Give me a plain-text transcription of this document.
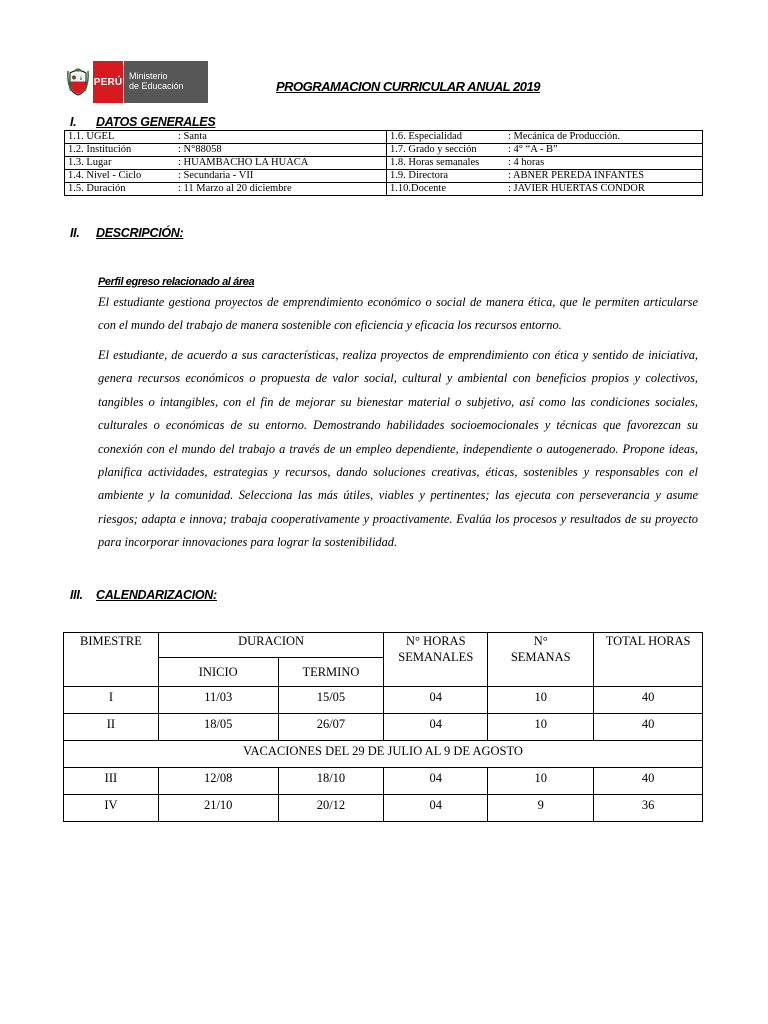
PERÚ
Ministerio
de Educación	PROGRAMACION CURRICULAR ANUAL 2019
I. DATOS GENERALES
1.1. UGEL : Santa	1.6. Especialidad : Mecánica de Producción.
1.2. Institución : N°88058	1.7. Grado y sección : 4° “A - B”
1.3. Lugar : HUAMBACHO LA HUACA	1.8. Horas semanales : 4 horas
1.4. Nivel - Ciclo : Secundaria - VII	1.9. Directora : ABNER PEREDA INFANTES
1.5. Duración : 11 Marzo al 20 diciembre	1.10.Docente : JAVIER HUERTAS CONDOR
II. DESCRIPCIÓN:
Perfil egreso relacionado al área
El estudiante gestiona proyectos de emprendimiento económico o social de manera ética, que le permiten articularse con el mundo del trabajo de manera sostenible con eficiencia y eficacia los recursos entorno.
El estudiante, de acuerdo a sus características, realiza proyectos de emprendimiento con ética y sentido de iniciativa, genera recursos económicos o propuesta de valor social, cultural y ambiental con beneficios propios y colectivos, tangibles o intangibles, con el fin de mejorar su bienestar material o subjetivo, así como las condiciones sociales, culturales o económicas de su entorno. Demostrando habilidades socioemocionales y técnicas que favorezcan su conexión con el mundo del trabajo a través de un empleo dependiente, independiente o autogenerado. Propone ideas, planifica actividades, estrategias y recursos, dando soluciones creativas, éticas, sostenibles y responsables con el ambiente y la comunidad. Selecciona las más útiles, viables y pertinentes; las ejecuta con perseverancia y asume riesgos; adapta e innova; trabaja cooperativamente y proactivamente. Evalúa los procesos y resultados de su proyecto para incorporar innovaciones para lograr la sostenibilidad.
III. CALENDARIZACION:
BIMESTRE	DURACION		N° HORAS SEMANALES	N° SEMANAS	TOTAL HORAS
	INICIO	TERMINO			
I	11/03	15/05	04	10	40
II	18/05	26/07	04	10	40
VACACIONES DEL 29 DE JULIO AL 9 DE AGOSTO					
III	12/08	18/10	04	10	40
IV	21/10	20/12	04	9	36
